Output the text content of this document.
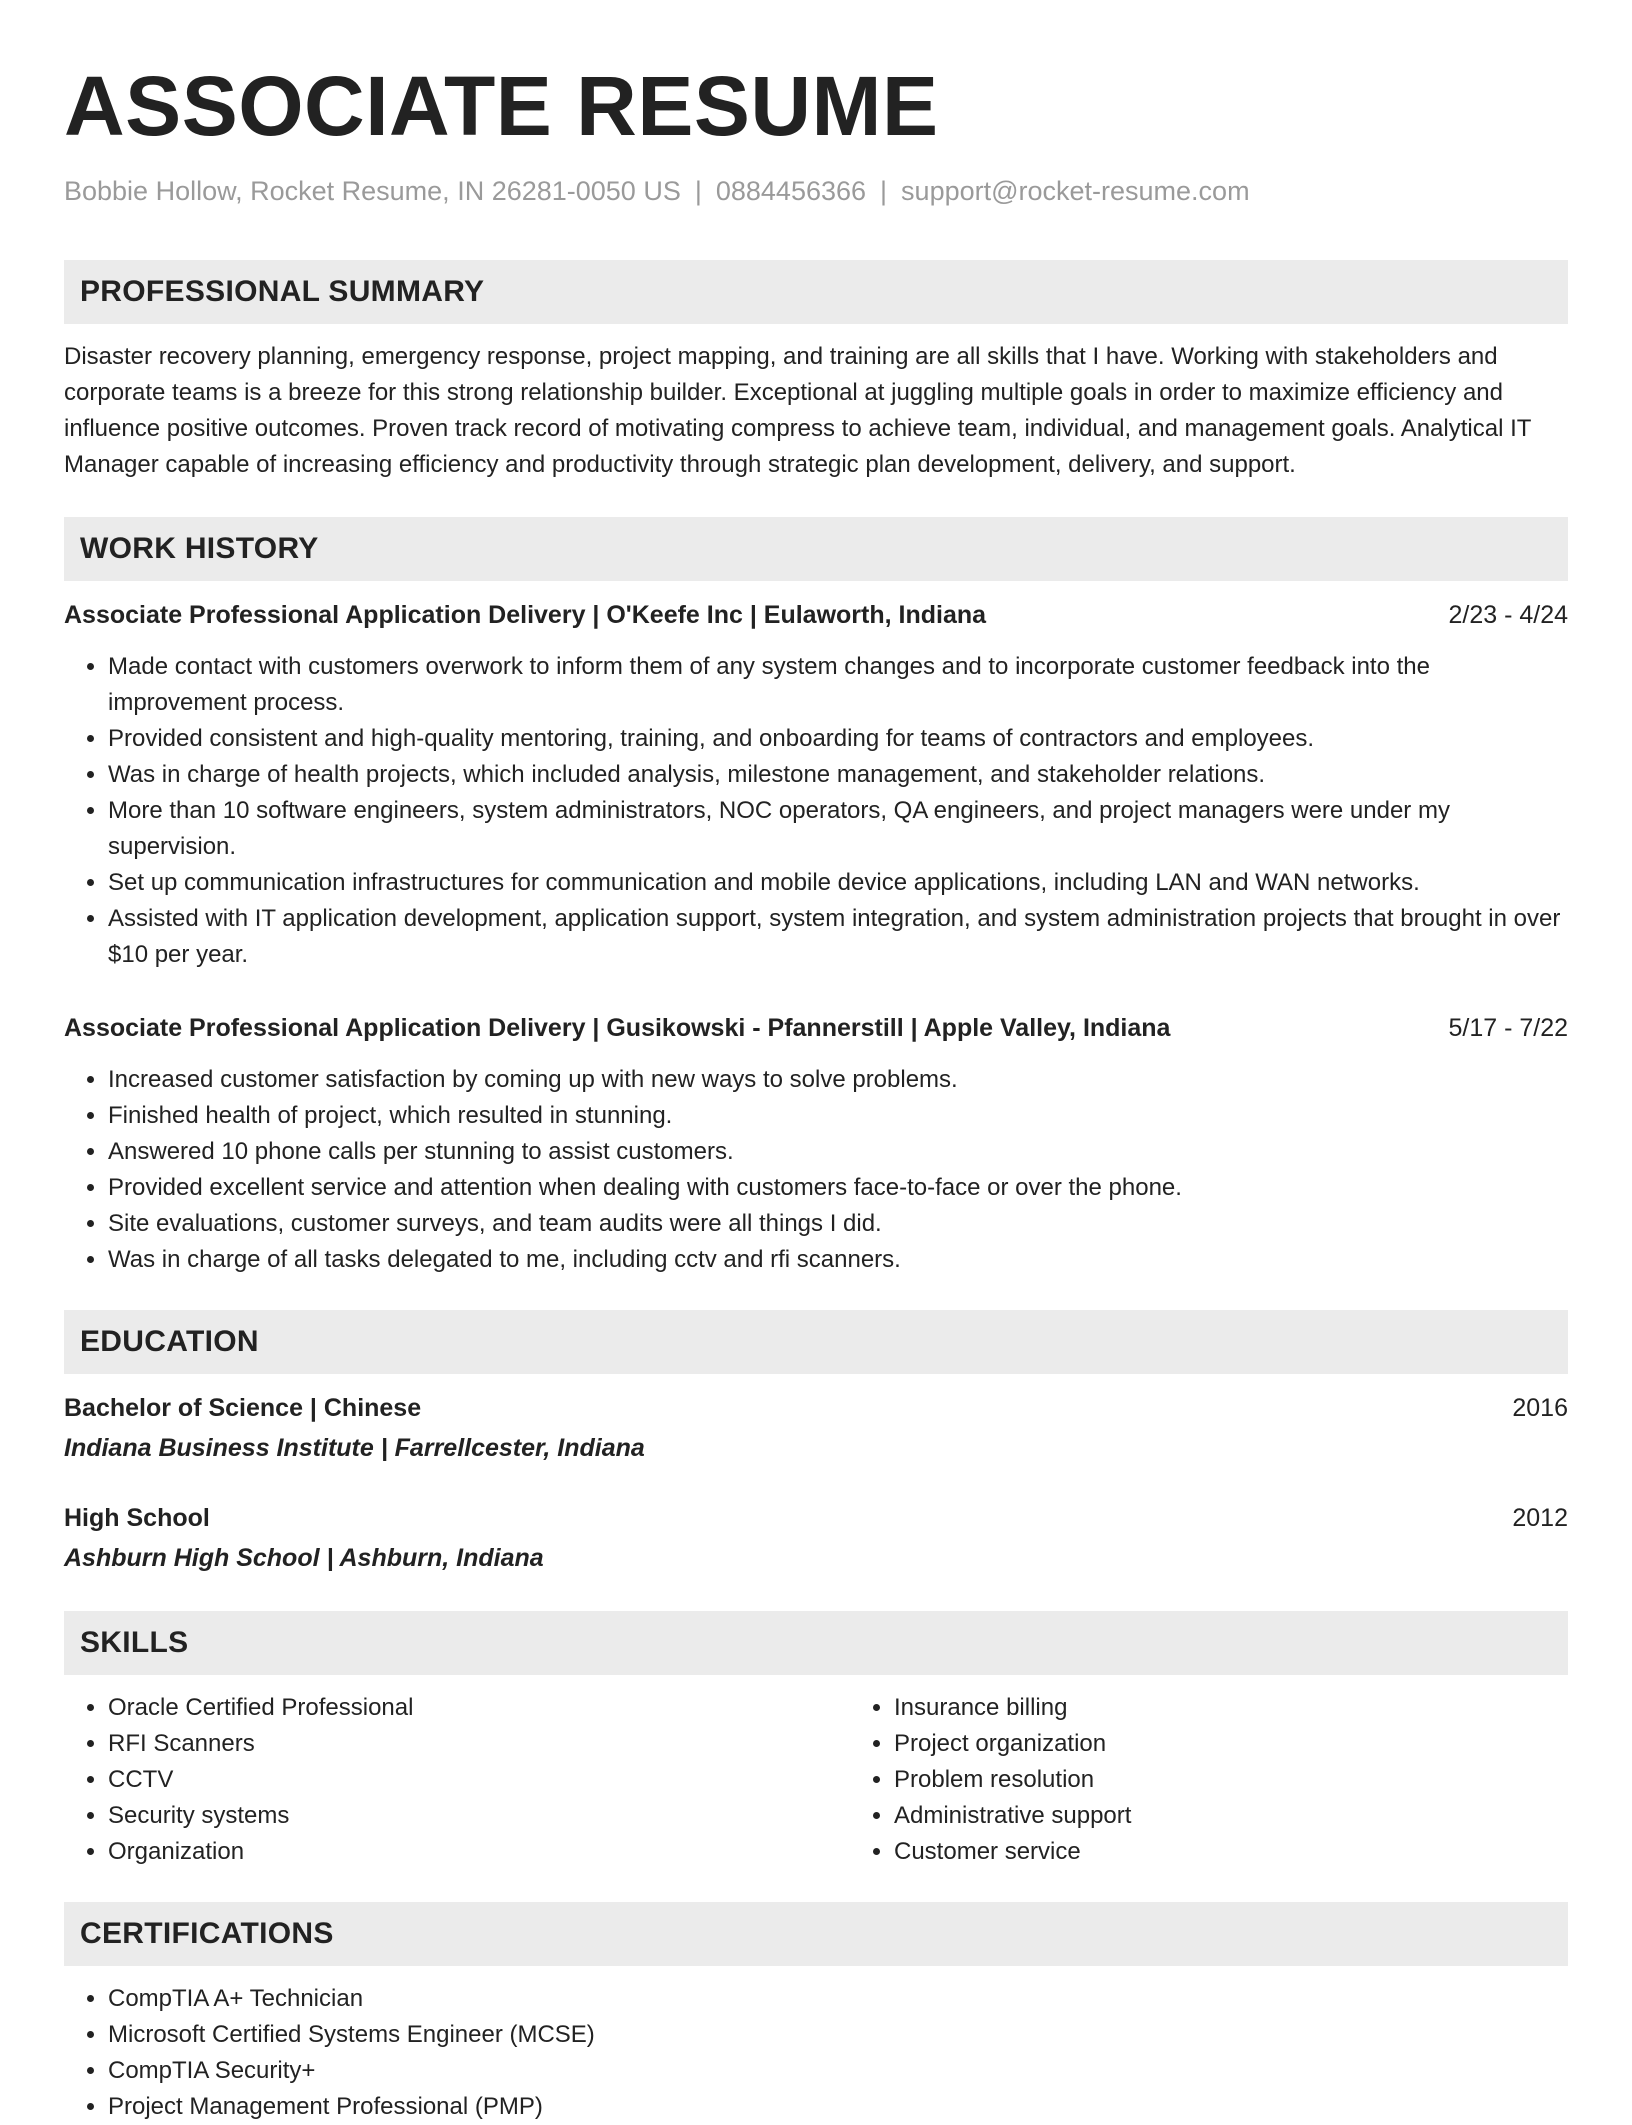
ASSOCIATE RESUME
Bobbie Hollow, Rocket Resume, IN 26281-0050 US | 0884456366 | support@rocket-resume.com
PROFESSIONAL SUMMARY
Disaster recovery planning, emergency response, project mapping, and training are all skills that I have. Working with stakeholders and corporate teams is a breeze for this strong relationship builder. Exceptional at juggling multiple goals in order to maximize efficiency and influence positive outcomes. Proven track record of motivating compress to achieve team, individual, and management goals. Analytical IT Manager capable of increasing efficiency and productivity through strategic plan development, delivery, and support.
WORK HISTORY
Associate Professional Application Delivery | O'Keefe Inc | Eulaworth, Indiana	2/23 - 4/24
• Made contact with customers overwork to inform them of any system changes and to incorporate customer feedback into the improvement process.
• Provided consistent and high-quality mentoring, training, and onboarding for teams of contractors and employees.
• Was in charge of health projects, which included analysis, milestone management, and stakeholder relations.
• More than 10 software engineers, system administrators, NOC operators, QA engineers, and project managers were under my supervision.
• Set up communication infrastructures for communication and mobile device applications, including LAN and WAN networks.
• Assisted with IT application development, application support, system integration, and system administration projects that brought in over $10 per year.
Associate Professional Application Delivery | Gusikowski - Pfannerstill | Apple Valley, Indiana	5/17 - 7/22
• Increased customer satisfaction by coming up with new ways to solve problems.
• Finished health of project, which resulted in stunning.
• Answered 10 phone calls per stunning to assist customers.
• Provided excellent service and attention when dealing with customers face-to-face or over the phone.
• Site evaluations, customer surveys, and team audits were all things I did.
• Was in charge of all tasks delegated to me, including cctv and rfi scanners.
EDUCATION
Bachelor of Science | Chinese	2016
Indiana Business Institute | Farrellcester, Indiana
High School	2012
Ashburn High School | Ashburn, Indiana
SKILLS
• Oracle Certified Professional
• RFI Scanners
• CCTV
• Security systems
• Organization
• Insurance billing
• Project organization
• Problem resolution
• Administrative support
• Customer service
CERTIFICATIONS
• CompTIA A+ Technician
• Microsoft Certified Systems Engineer (MCSE)
• CompTIA Security+
• Project Management Professional (PMP)
